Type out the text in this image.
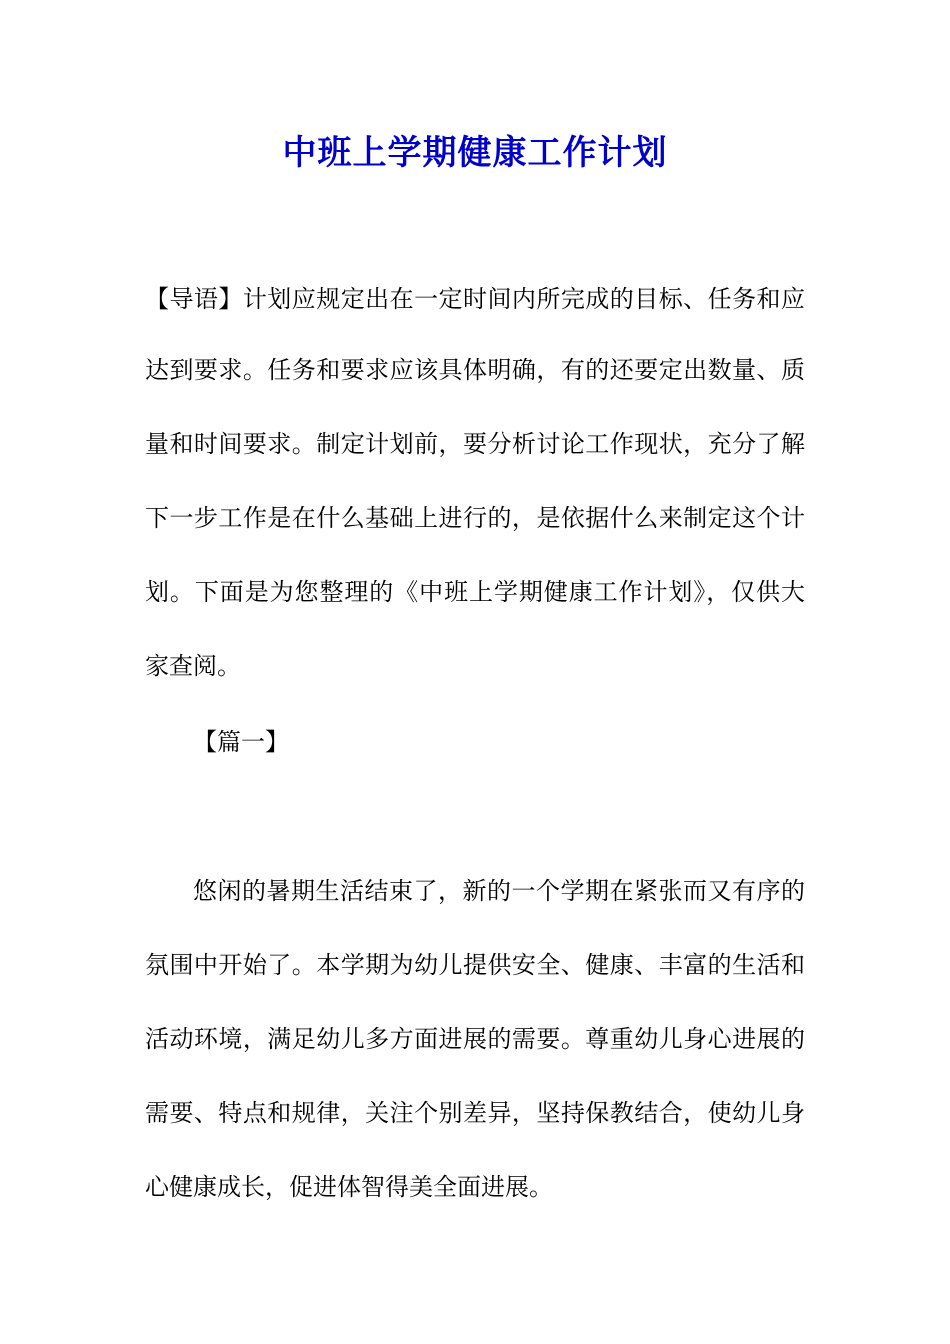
中班上学期健康工作计划
【导语】计划应规定出在一定时间内所完成的目标、任务和应
达到要求。任务和要求应该具体明确，有的还要定出数量、质
量和时间要求。制定计划前，要分析讨论工作现状，充分了解
下一步工作是在什么基础上进行的，是依据什么来制定这个计
划。下面是为您整理的《中班上学期健康工作计划》，仅供大
家查阅。
【篇一】
悠闲的暑期生活结束了，新的一个学期在紧张而又有序的
氛围中开始了。本学期为幼儿提供安全、健康、丰富的生活和
活动环境，满足幼儿多方面进展的需要。尊重幼儿身心进展的
需要、特点和规律，关注个别差异，坚持保教结合，使幼儿身
心健康成长，促进体智得美全面进展。
